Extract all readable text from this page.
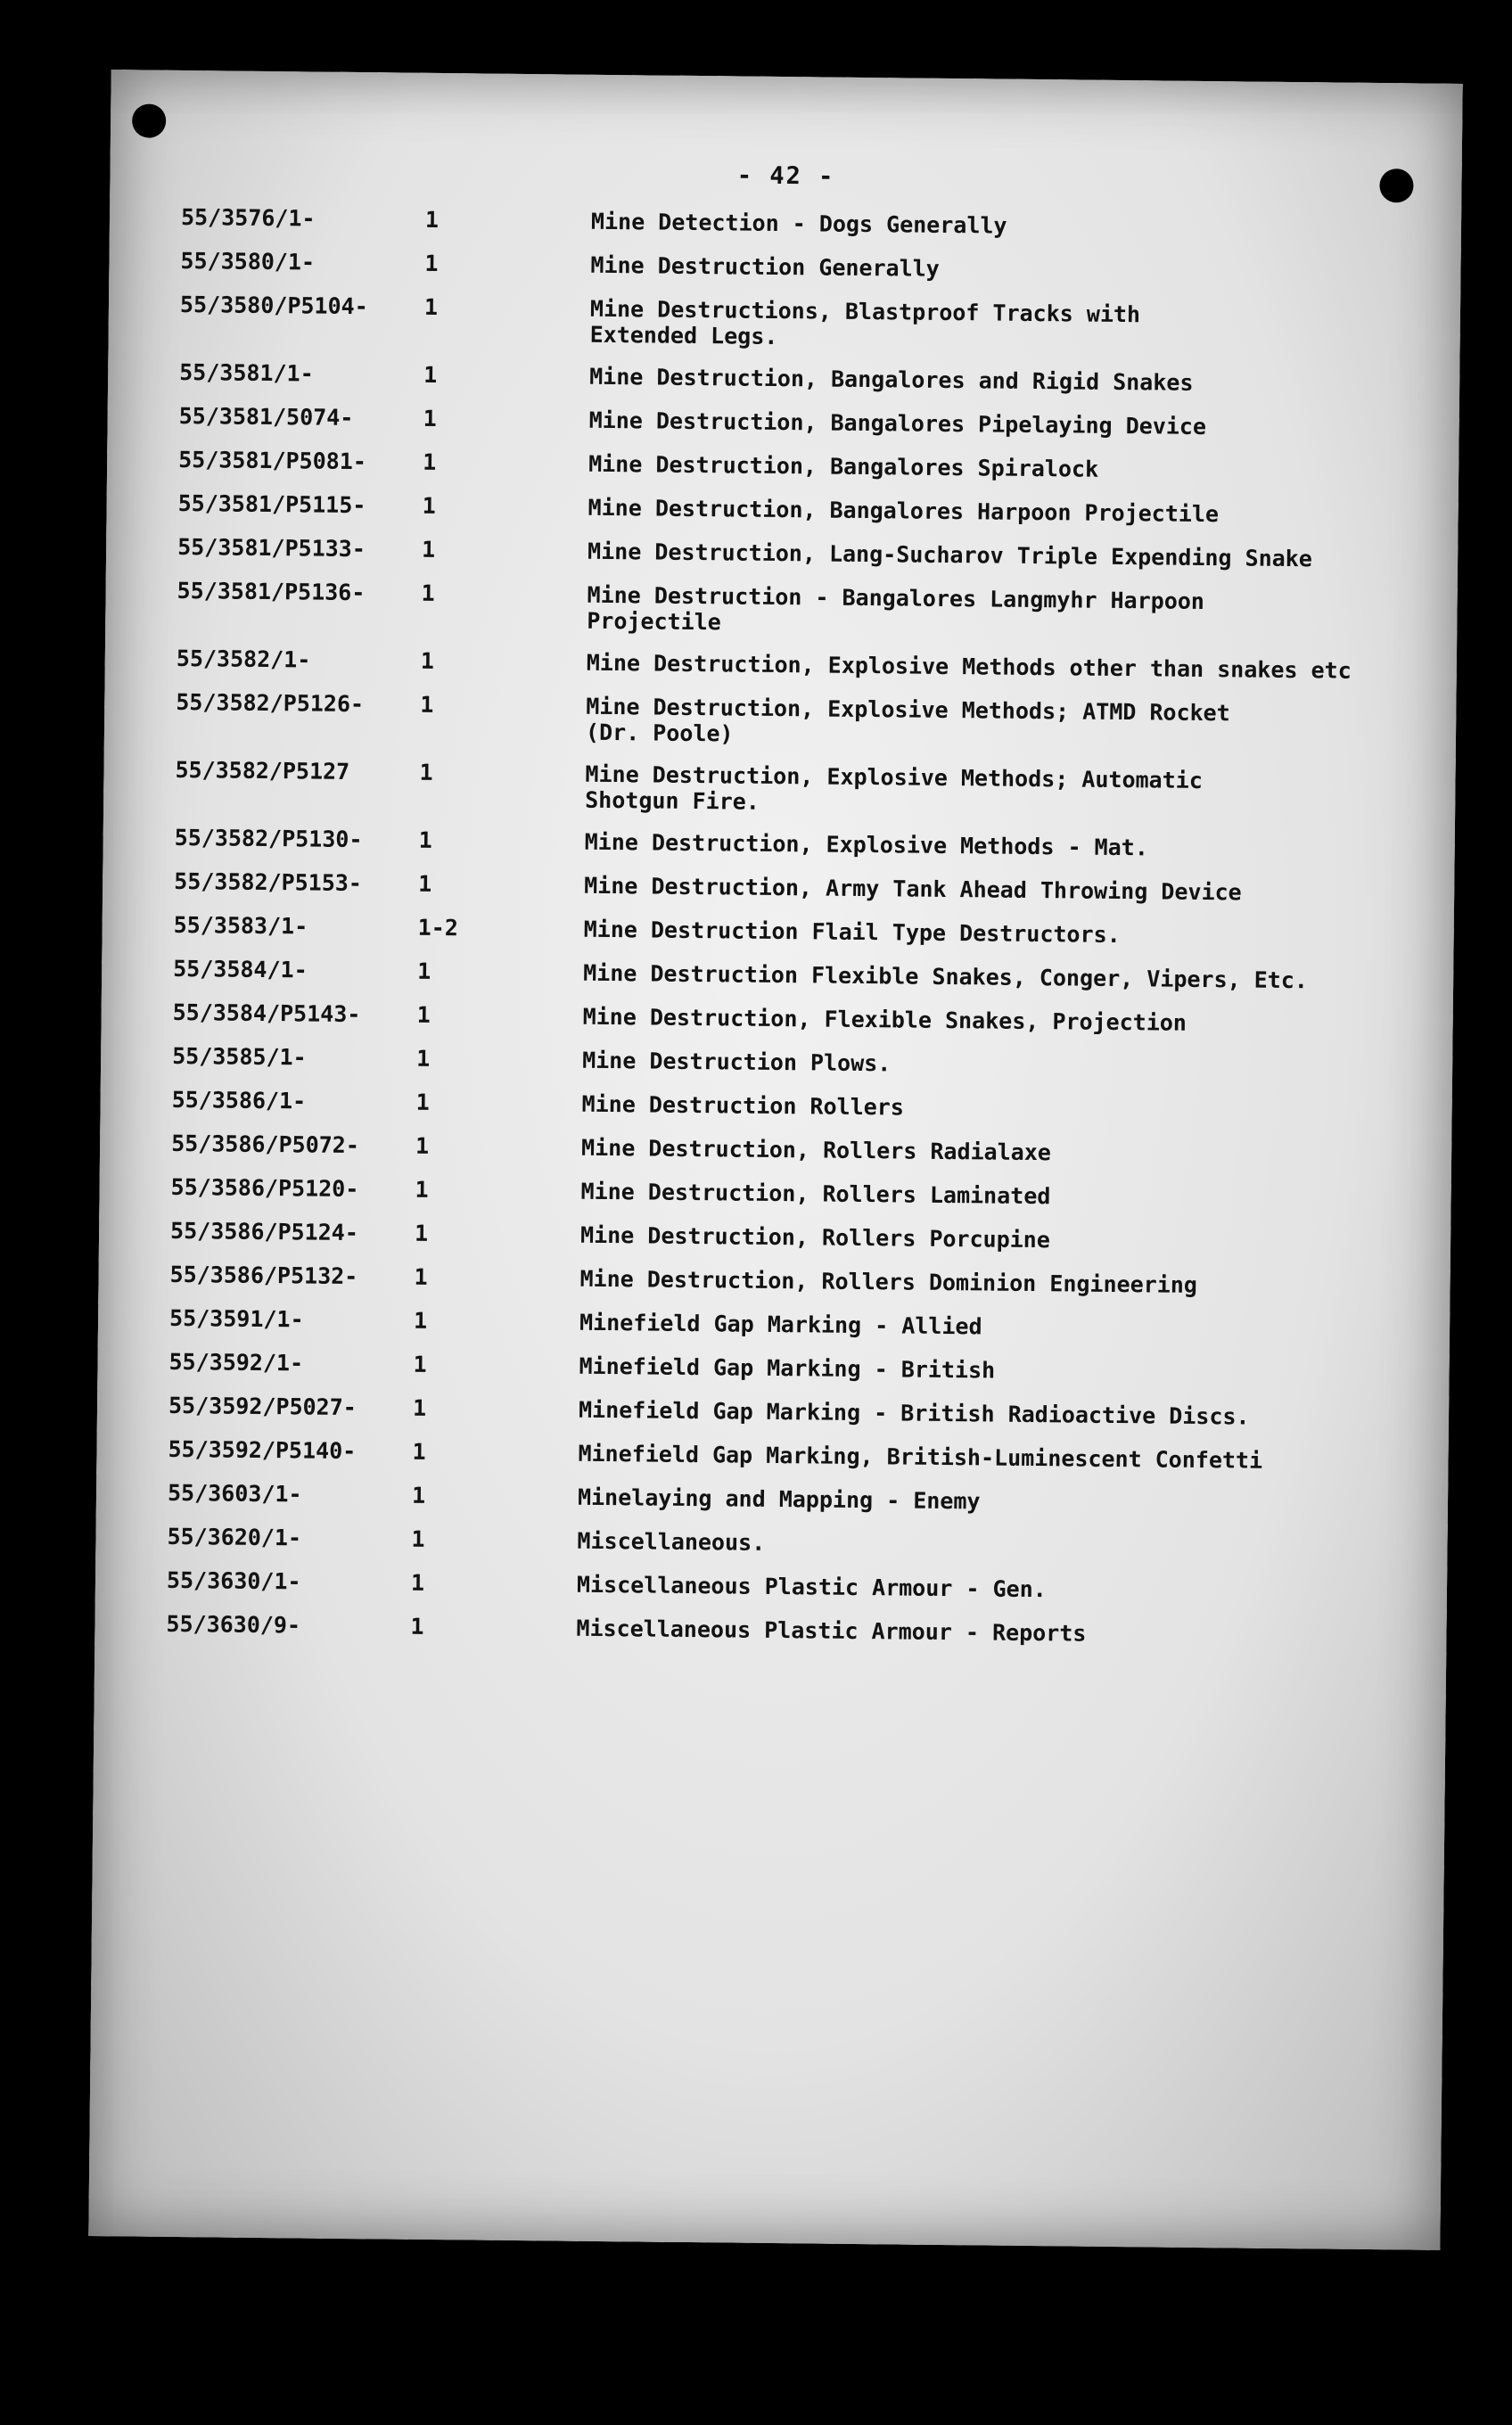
- 42 -
55/3576/1-	1	Mine Detection - Dogs Generally
55/3580/1-	1	Mine Destruction Generally
55/3580/P5104-	1	Mine Destructions, Blastproof Tracks with
Extended Legs.
55/3581/1-	1	Mine Destruction, Bangalores and Rigid Snakes
55/3581/5074-	1	Mine Destruction, Bangalores Pipelaying Device
55/3581/P5081-	1	Mine Destruction, Bangalores Spiralock
55/3581/P5115-	1	Mine Destruction, Bangalores Harpoon Projectile
55/3581/P5133-	1	Mine Destruction, Lang-Sucharov Triple Expending Snake
55/3581/P5136-	1	Mine Destruction - Bangalores Langmyhr Harpoon
Projectile
55/3582/1-	1	Mine Destruction, Explosive Methods other than snakes etc
55/3582/P5126-	1	Mine Destruction, Explosive Methods; ATMD Rocket
(Dr. Poole)
55/3582/P5127	1	Mine Destruction, Explosive Methods; Automatic
Shotgun Fire.
55/3582/P5130-	1	Mine Destruction, Explosive Methods - Mat.
55/3582/P5153-	1	Mine Destruction, Army Tank Ahead Throwing Device
55/3583/1-	1-2	Mine Destruction Flail Type Destructors.
55/3584/1-	1	Mine Destruction Flexible Snakes, Conger, Vipers, Etc.
55/3584/P5143-	1	Mine Destruction, Flexible Snakes, Projection
55/3585/1-	1	Mine Destruction Plows.
55/3586/1-	1	Mine Destruction Rollers
55/3586/P5072-	1	Mine Destruction, Rollers Radialaxe
55/3586/P5120-	1	Mine Destruction, Rollers Laminated
55/3586/P5124-	1	Mine Destruction, Rollers Porcupine
55/3586/P5132-	1	Mine Destruction, Rollers Dominion Engineering
55/3591/1-	1	Minefield Gap Marking - Allied
55/3592/1-	1	Minefield Gap Marking - British
55/3592/P5027-	1	Minefield Gap Marking - British Radioactive Discs.
55/3592/P5140-	1	Minefield Gap Marking, British-Luminescent Confetti
55/3603/1-	1	Minelaying and Mapping - Enemy
55/3620/1-	1	Miscellaneous.
55/3630/1-	1	Miscellaneous Plastic Armour - Gen.
55/3630/9-	1	Miscellaneous Plastic Armour - Reports
